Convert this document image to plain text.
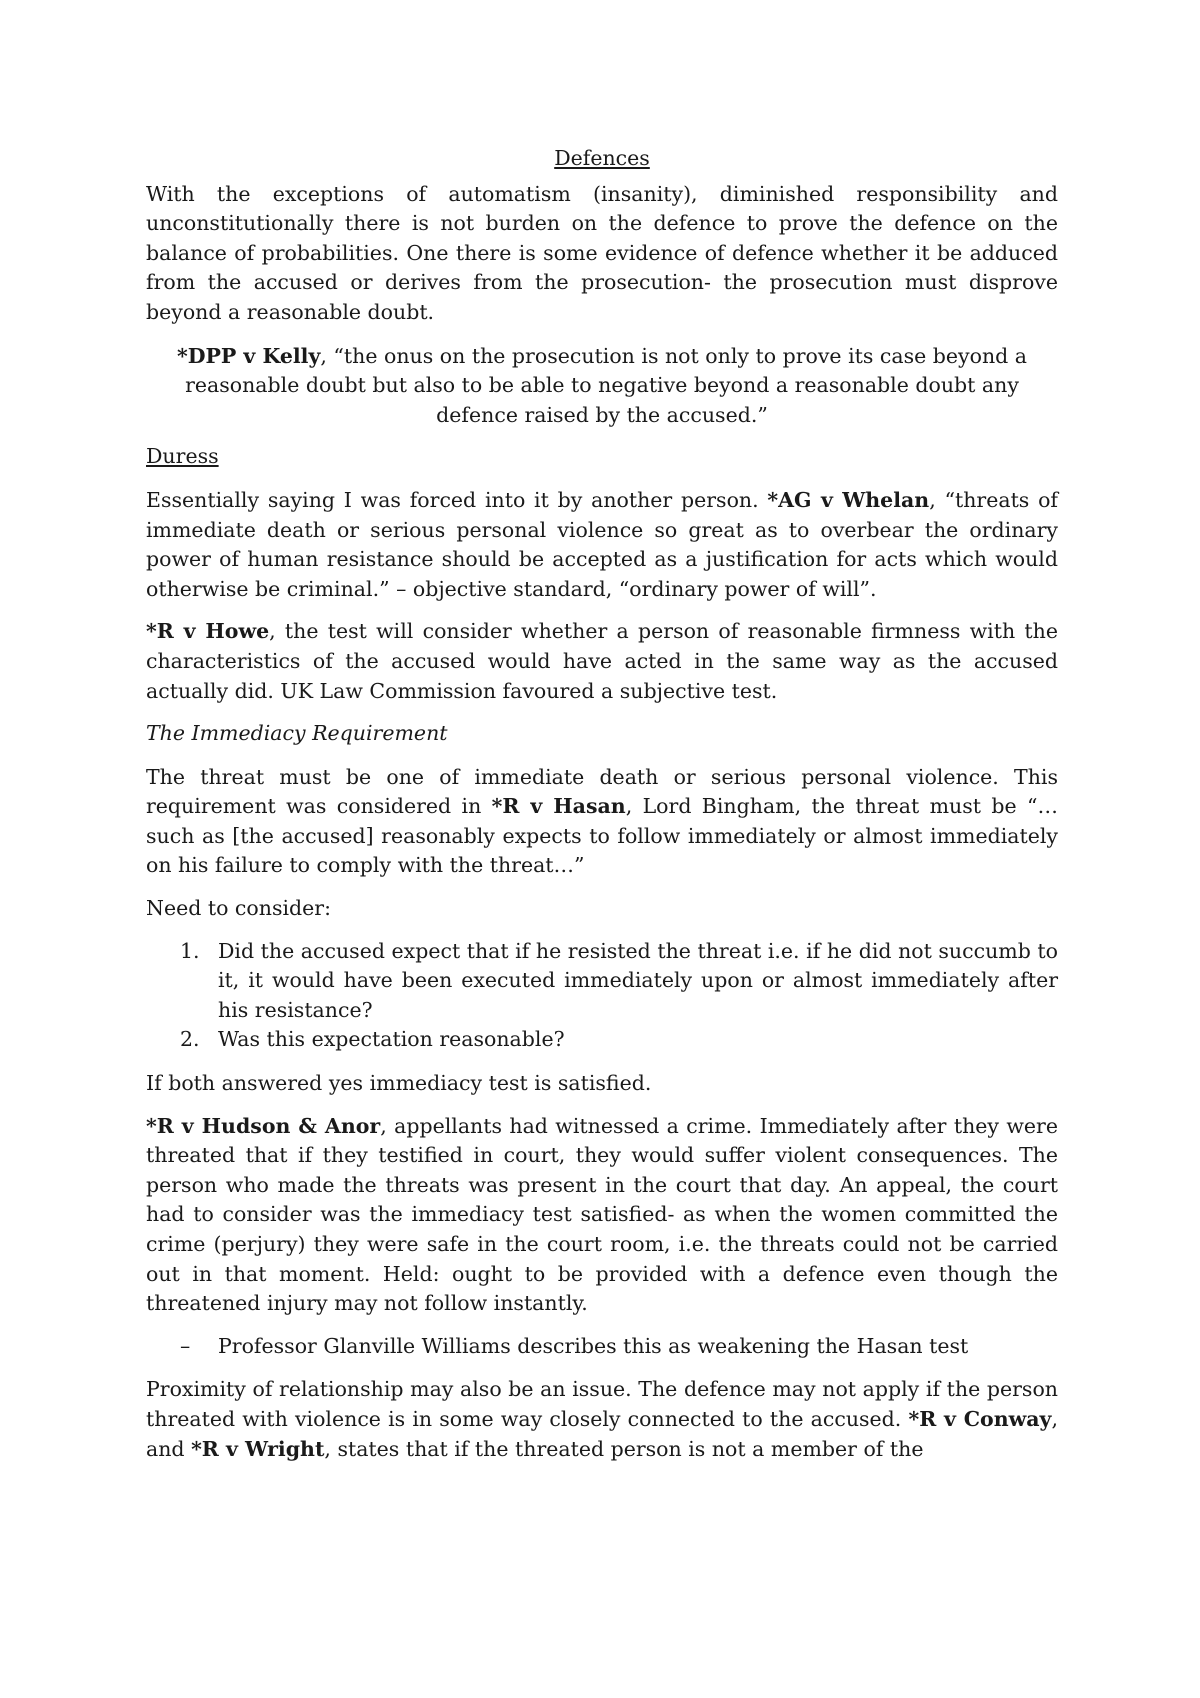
Defences

With the exceptions of automatism (insanity), diminished responsibility and unconstitutionally there is not burden on the defence to prove the defence on the balance of probabilities. One there is some evidence of defence whether it be adduced from the accused or derives from the prosecution- the prosecution must disprove beyond a reasonable doubt.

*DPP v Kelly, “the onus on the prosecution is not only to prove its case beyond a reasonable doubt but also to be able to negative beyond a reasonable doubt any defence raised by the accused.”

Duress

Essentially saying I was forced into it by another person. *AG v Whelan, “threats of immediate death or serious personal violence so great as to overbear the ordinary power of human resistance should be accepted as a justification for acts which would otherwise be criminal.” – objective standard, “ordinary power of will”.

*R v Howe, the test will consider whether a person of reasonable firmness with the characteristics of the accused would have acted in the same way as the accused actually did. UK Law Commission favoured a subjective test.

The Immediacy Requirement

The threat must be one of immediate death or serious personal violence. This requirement was considered in *R v Hasan, Lord Bingham, the threat must be “… such as [the accused] reasonably expects to follow immediately or almost immediately on his failure to comply with the threat…”

Need to consider:

1. Did the accused expect that if he resisted the threat i.e. if he did not succumb to it, it would have been executed immediately upon or almost immediately after his resistance?
2. Was this expectation reasonable?

If both answered yes immediacy test is satisfied.

*R v Hudson & Anor, appellants had witnessed a crime. Immediately after they were threated that if they testified in court, they would suffer violent consequences. The person who made the threats was present in the court that day. An appeal, the court had to consider was the immediacy test satisfied- as when the women committed the crime (perjury) they were safe in the court room, i.e. the threats could not be carried out in that moment. Held: ought to be provided with a defence even though the threatened injury may not follow instantly.

– Professor Glanville Williams describes this as weakening the Hasan test

Proximity of relationship may also be an issue. The defence may not apply if the person threated with violence is in some way closely connected to the accused. *R v Conway, and *R v Wright, states that if the threated person is not a member of the
